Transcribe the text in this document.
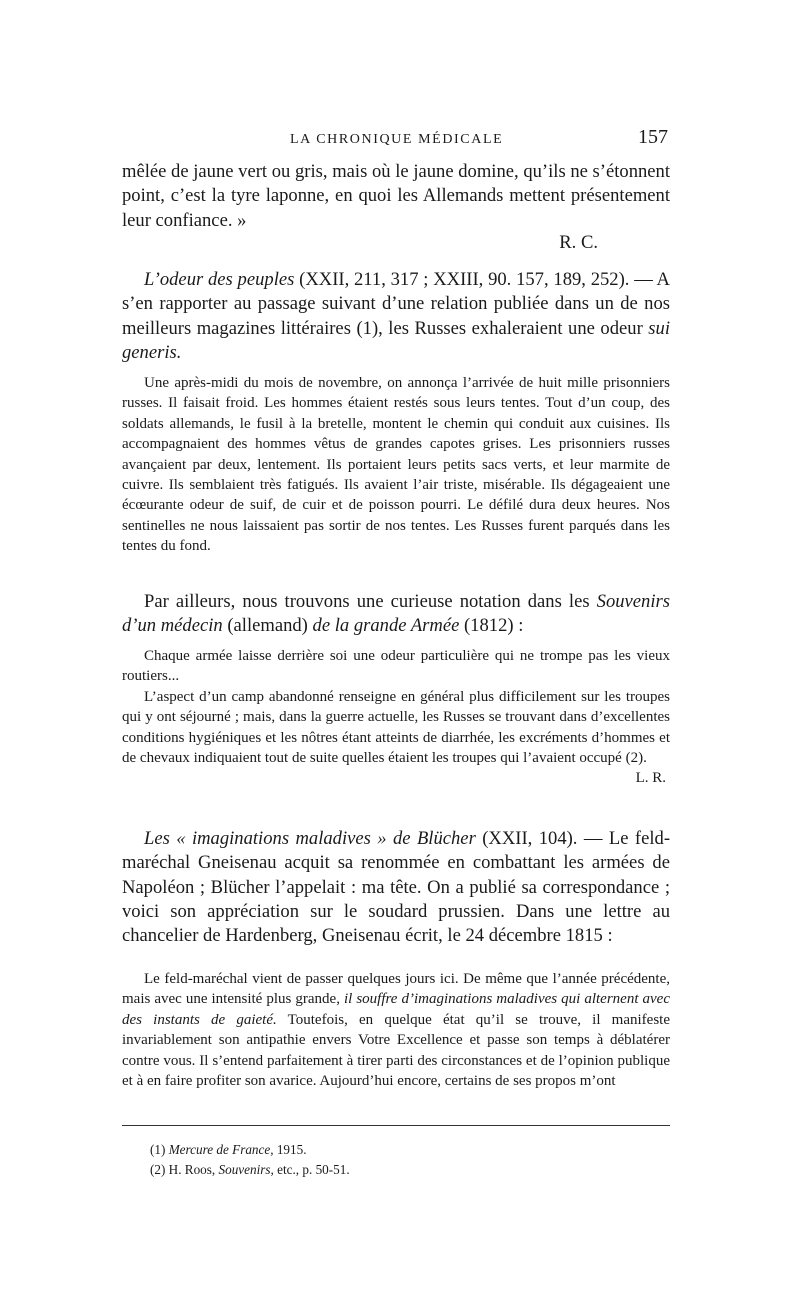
LA CHRONIQUE MÉDICALE	157

mêlée de jaune vert ou gris, mais où le jaune domine, qu’ils ne s’étonnent point, c’est la tyre laponne, en quoi les Allemands mettent présentement leur confiance. »

R. C.

L’odeur des peuples (XXII, 211, 317 ; XXIII, 90. 157, 189, 252). — A s’en rapporter au passage suivant d’une relation publiée dans un de nos meilleurs magazines littéraires (1), les Russes exhaleraient une odeur sui generis.

Une après-midi du mois de novembre, on annonça l’arrivée de huit mille prisonniers russes. Il faisait froid. Les hommes étaient restés sous leurs tentes. Tout d’un coup, des soldats allemands, le fusil à la bretelle, montent le chemin qui conduit aux cuisines. Ils accompagnaient des hommes vêtus de grandes capotes grises. Les prisonniers russes avançaient par deux, lentement. Ils portaient leurs petits sacs verts, et leur marmite de cuivre. Ils semblaient très fatigués. Ils avaient l’air triste, misérable. Ils dégageaient une écœurante odeur de suif, de cuir et de poisson pourri. Le défilé dura deux heures. Nos sentinelles ne nous laissaient pas sortir de nos tentes. Les Russes furent parqués dans les tentes du fond.

Par ailleurs, nous trouvons une curieuse notation dans les Souvenirs d’un médecin (allemand) de la grande Armée (1812) :

Chaque armée laisse derrière soi une odeur particulière qui ne trompe pas les vieux routiers...

L’aspect d’un camp abandonné renseigne en général plus difficilement sur les troupes qui y ont séjourné ; mais, dans la guerre actuelle, les Russes se trouvant dans d’excellentes conditions hygiéniques et les nôtres étant atteints de diarrhée, les excréments d’hommes et de chevaux indiquaient tout de suite quelles étaient les troupes qui l’avaient occupé (2).

L. R.

Les « imaginations maladives » de Blücher (XXII, 104). — Le feld-maréchal Gneisenau acquit sa renommée en combattant les armées de Napoléon ; Blücher l’appelait : ma tête. On a publié sa correspondance ; voici son appréciation sur le soudard prussien. Dans une lettre au chancelier de Hardenberg, Gneisenau écrit, le 24 décembre 1815 :

Le feld-maréchal vient de passer quelques jours ici. De même que l’année précédente, mais avec une intensité plus grande, il souffre d’imaginations maladives qui alternent avec des instants de gaieté. Toutefois, en quelque état qu’il se trouve, il manifeste invariablement son antipathie envers Votre Excellence et passe son temps à déblatérer contre vous. Il s’entend parfaitement à tirer parti des circonstances et de l’opinion publique et à en faire profiter son avarice. Aujourd’hui encore, certains de ses propos m’ont

(1) Mercure de France, 1915.

(2) H. Roos, Souvenirs, etc., p. 50-51.
